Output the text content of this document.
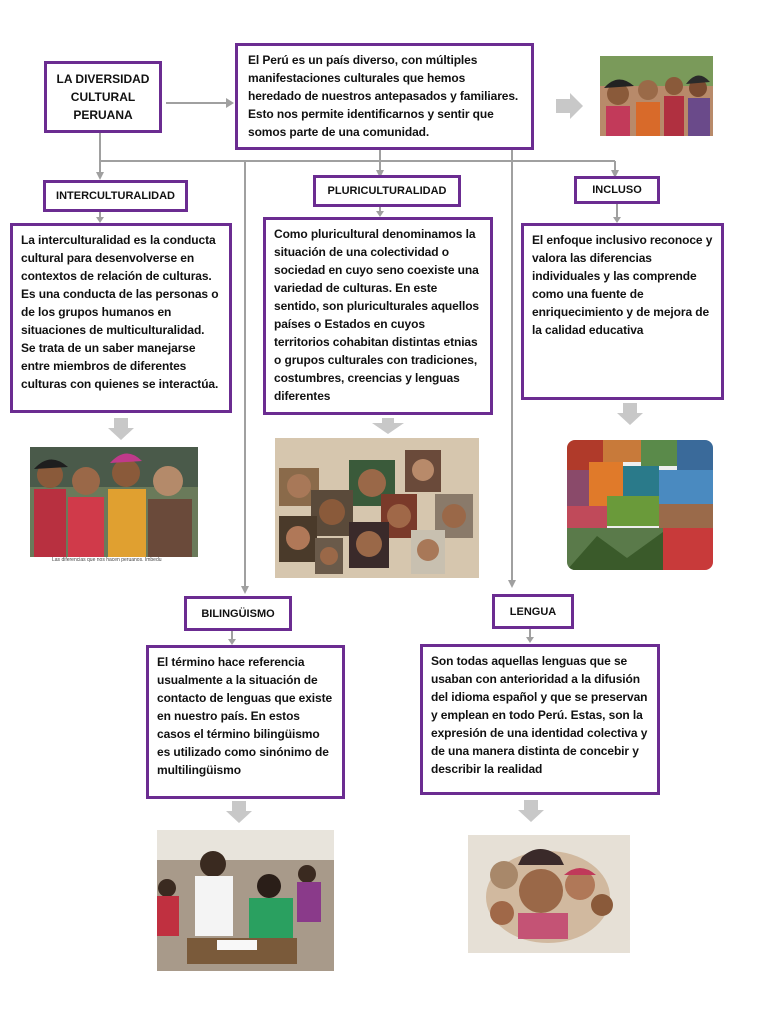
LA DIVERSIDAD CULTURAL PERUANA
El Perú es un país diverso, con múltiples manifestaciones culturales que hemos heredado de nuestros antepasados y familiares. Esto nos permite identificarnos y sentir que somos parte de una comunidad.
INTERCULTURALIDAD
La interculturalidad es la conducta cultural para desenvolverse en contextos de relación de culturas. Es una conducta de las personas o de los grupos humanos en situaciones de multiculturalidad. Se trata de un saber manejarse entre miembros de diferentes culturas con quienes se interactúa.
Las diferencias que nos hacen peruanos. Imbedu
PLURICULTURALIDAD
Como pluricultural denominamos la situación de una colectividad o sociedad en cuyo seno coexiste una variedad de culturas. En este sentido, son pluriculturales aquellos países o Estados en cuyos territorios cohabitan distintas etnias o grupos culturales con tradiciones, costumbres, creencias y lenguas diferentes
INCLUSO
El enfoque inclusivo reconoce y valora las diferencias individuales y las comprende como una fuente de enriquecimiento y de mejora de la calidad educativa
BILINGÜISMO
El término hace referencia usualmente a la situación de contacto de lenguas que existe en nuestro país. En estos casos el término bilingüismo es utilizado como sinónimo de multilingüismo
LENGUA
Son todas aquellas lenguas que se usaban con anterioridad a la difusión del idioma español y que se preservan y emplean en todo Perú. Estas, son la expresión de una identidad colectiva y de una manera distinta de concebir y describir la realidad
